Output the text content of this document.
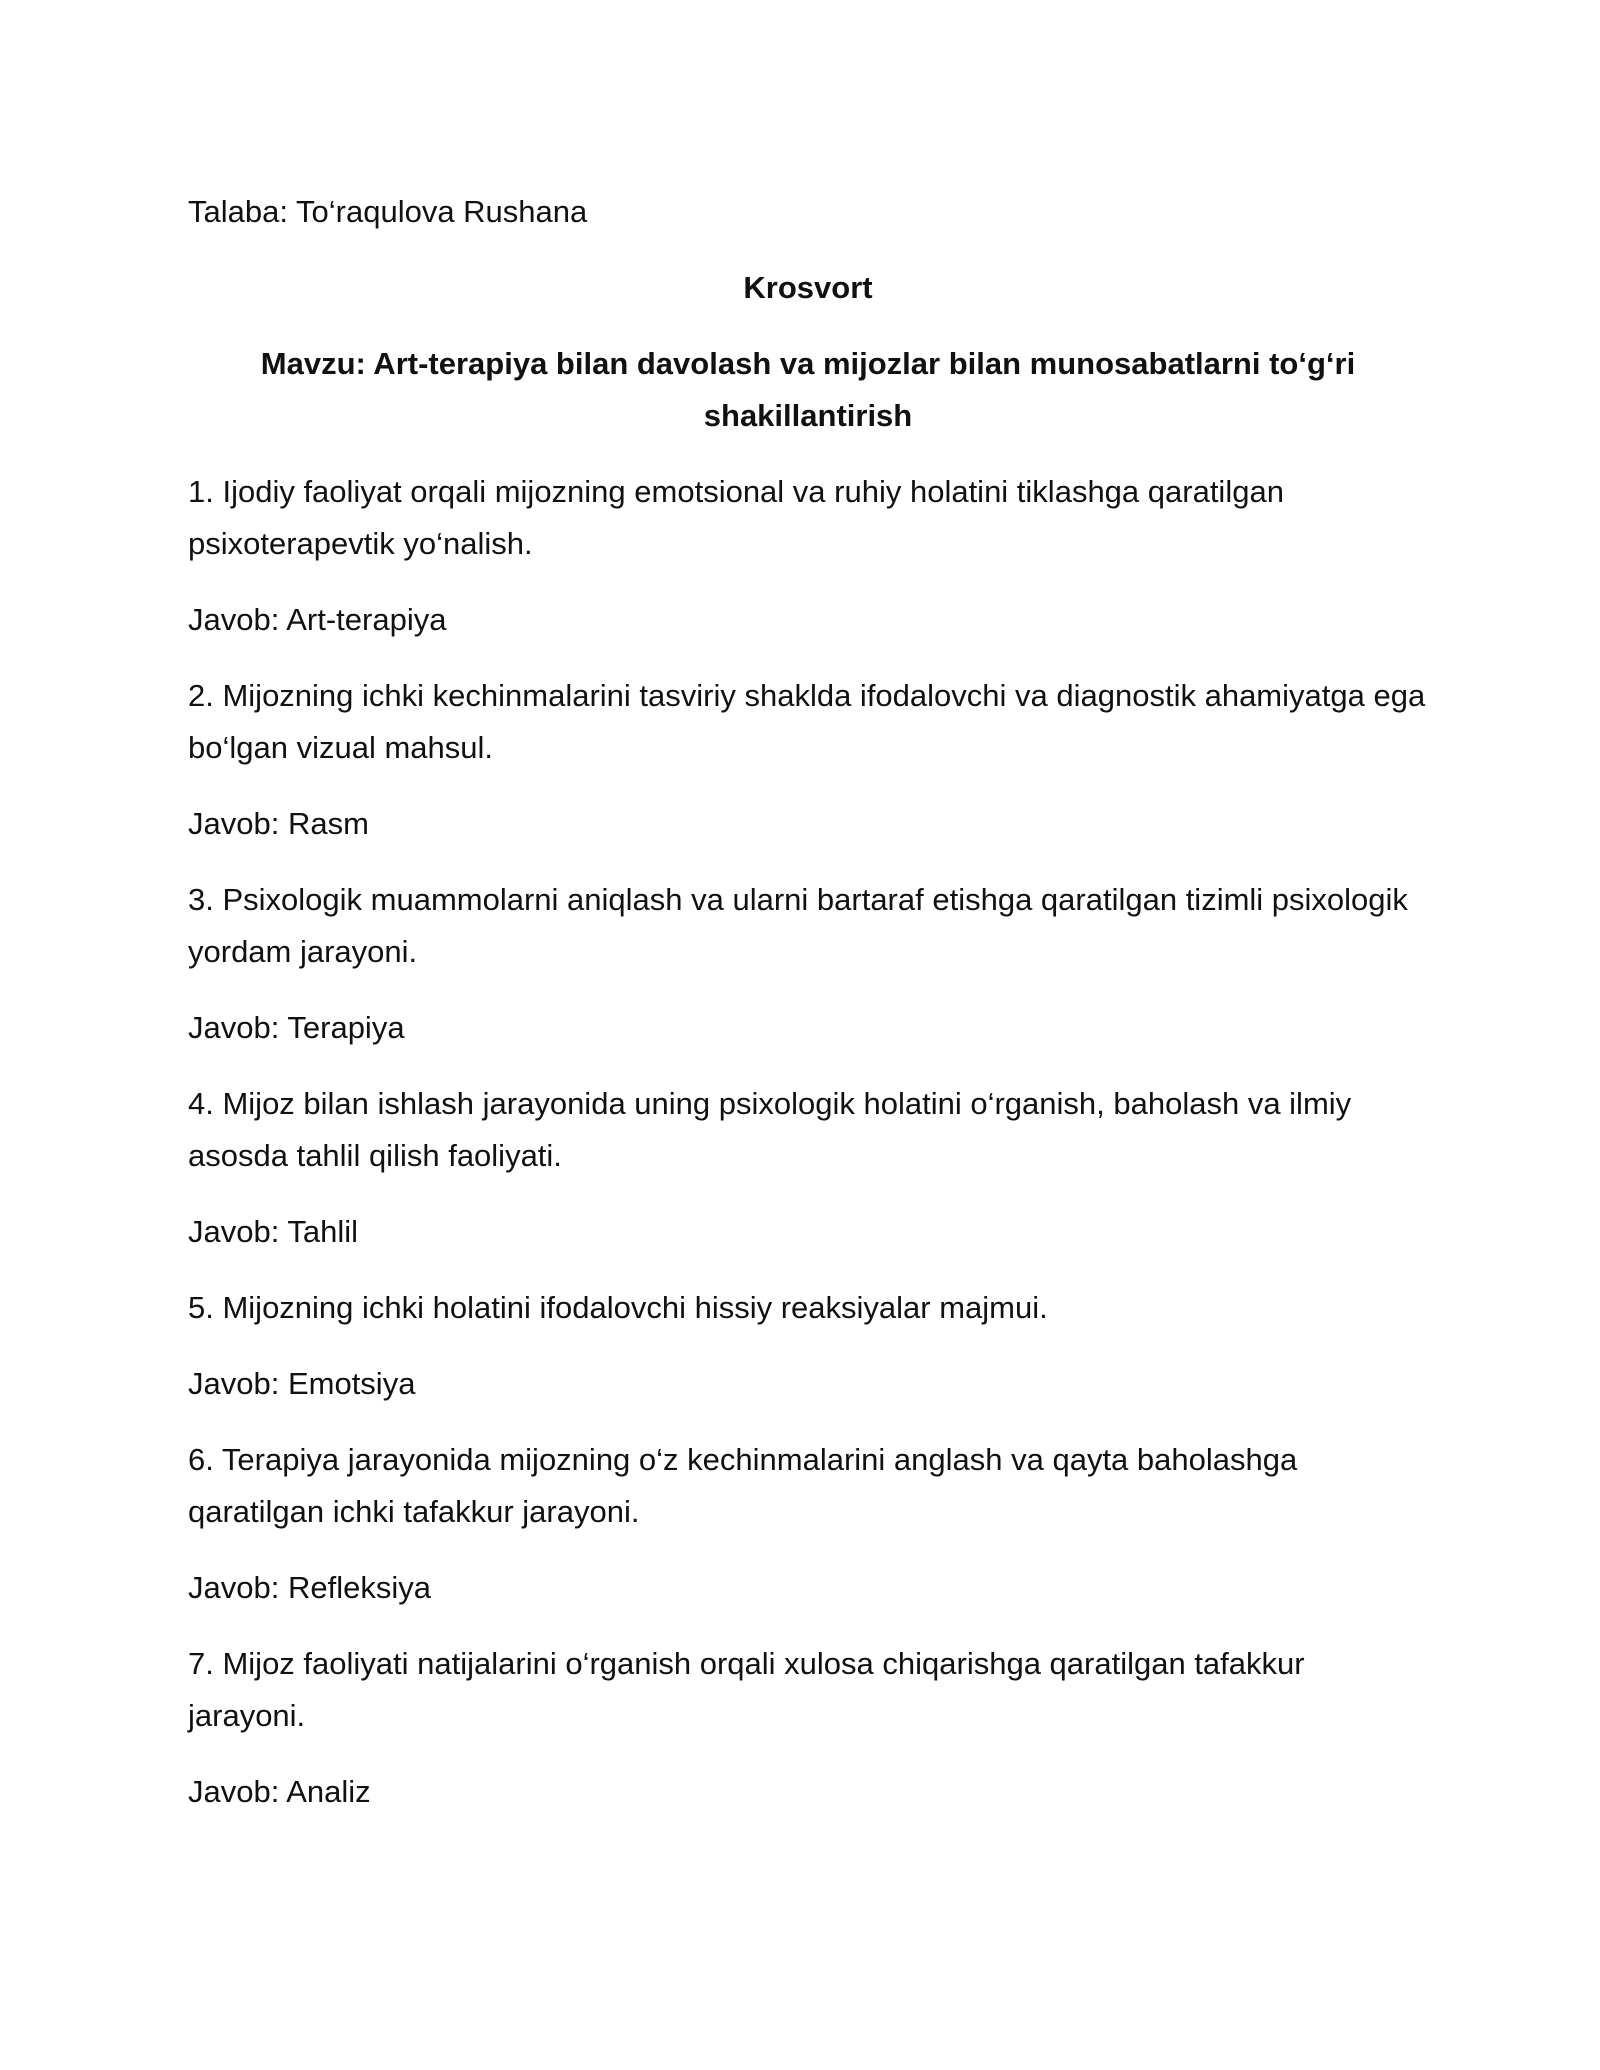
Talaba: To‘raqulova Rushana

Krosvort

Mavzu: Art-terapiya bilan davolash va mijozlar bilan munosabatlarni to‘g‘ri shakillantirish

1. Ijodiy faoliyat orqali mijozning emotsional va ruhiy holatini tiklashga qaratilgan psixoterapevtik yo‘nalish.

Javob: Art-terapiya

2. Mijozning ichki kechinmalarini tasviriy shaklda ifodalovchi va diagnostik ahamiyatga ega bo‘lgan vizual mahsul.

Javob: Rasm

3. Psixologik muammolarni aniqlash va ularni bartaraf etishga qaratilgan tizimli psixologik yordam jarayoni.

Javob: Terapiya

4. Mijoz bilan ishlash jarayonida uning psixologik holatini o‘rganish, baholash va ilmiy asosda tahlil qilish faoliyati.

Javob: Tahlil

5. Mijozning ichki holatini ifodalovchi hissiy reaksiyalar majmui.

Javob: Emotsiya

6. Terapiya jarayonida mijozning o‘z kechinmalarini anglash va qayta baholashga qaratilgan ichki tafakkur jarayoni.

Javob: Refleksiya

7. Mijoz faoliyati natijalarini o‘rganish orqali xulosa chiqarishga qaratilgan tafakkur jarayoni.

Javob: Analiz
